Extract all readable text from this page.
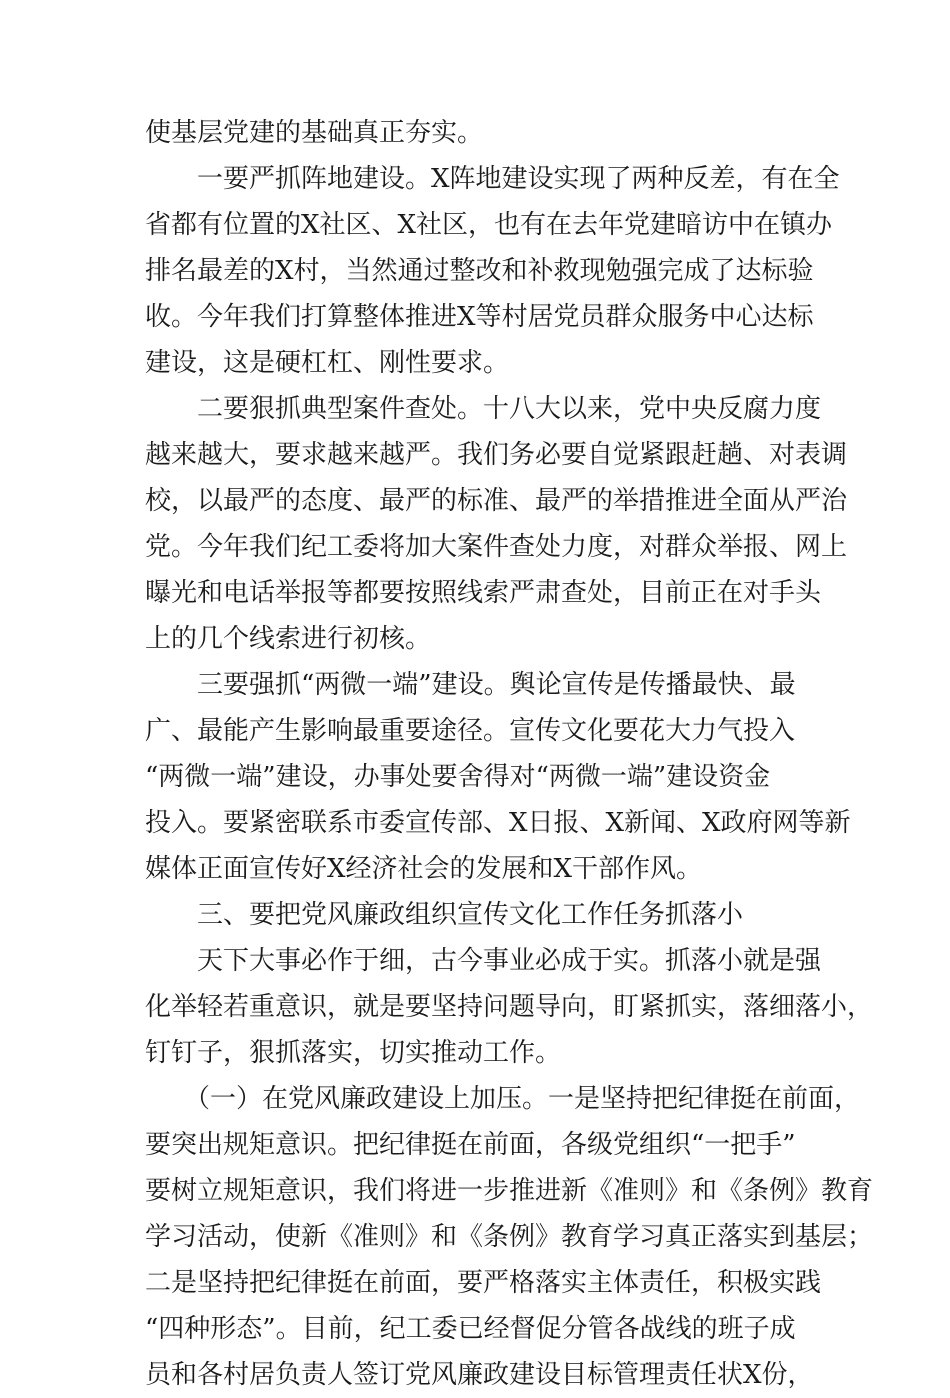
使基层党建的基础真正夯实。
　　一要严抓阵地建设。X阵地建设实现了两种反差，有在全
省都有位置的X社区、X社区，也有在去年党建暗访中在镇办
排名最差的X村，当然通过整改和补救现勉强完成了达标验
收。今年我们打算整体推进X等村居党员群众服务中心达标
建设，这是硬杠杠、刚性要求。
　　二要狠抓典型案件查处。十八大以来，党中央反腐力度
越来越大，要求越来越严。我们务必要自觉紧跟赶趟、对表调
校，以最严的态度、最严的标准、最严的举措推进全面从严治
党。今年我们纪工委将加大案件查处力度，对群众举报、网上
曝光和电话举报等都要按照线索严肃查处，目前正在对手头
上的几个线索进行初核。
　　三要强抓“两微一端”建设。舆论宣传是传播最快、最
广、最能产生影响最重要途径。宣传文化要花大力气投入
“两微一端”建设，办事处要舍得对“两微一端”建设资金
投入。要紧密联系市委宣传部、X日报、X新闻、X政府网等新
媒体正面宣传好X经济社会的发展和X干部作风。
　　三、要把党风廉政组织宣传文化工作任务抓落小
　　天下大事必作于细，古今事业必成于实。抓落小就是强
化举轻若重意识，就是要坚持问题导向，盯紧抓实，落细落小，
钉钉子，狠抓落实，切实推动工作。
　　（一）在党风廉政建设上加压。一是坚持把纪律挺在前面，
要突出规矩意识。把纪律挺在前面，各级党组织“一把手”
要树立规矩意识，我们将进一步推进新《准则》和《条例》教育
学习活动，使新《准则》和《条例》教育学习真正落实到基层；
二是坚持把纪律挺在前面，要严格落实主体责任，积极实践
“四种形态”。目前，纪工委已经督促分管各战线的班子成
员和各村居负责人签订党风廉政建设目标管理责任状X份，
